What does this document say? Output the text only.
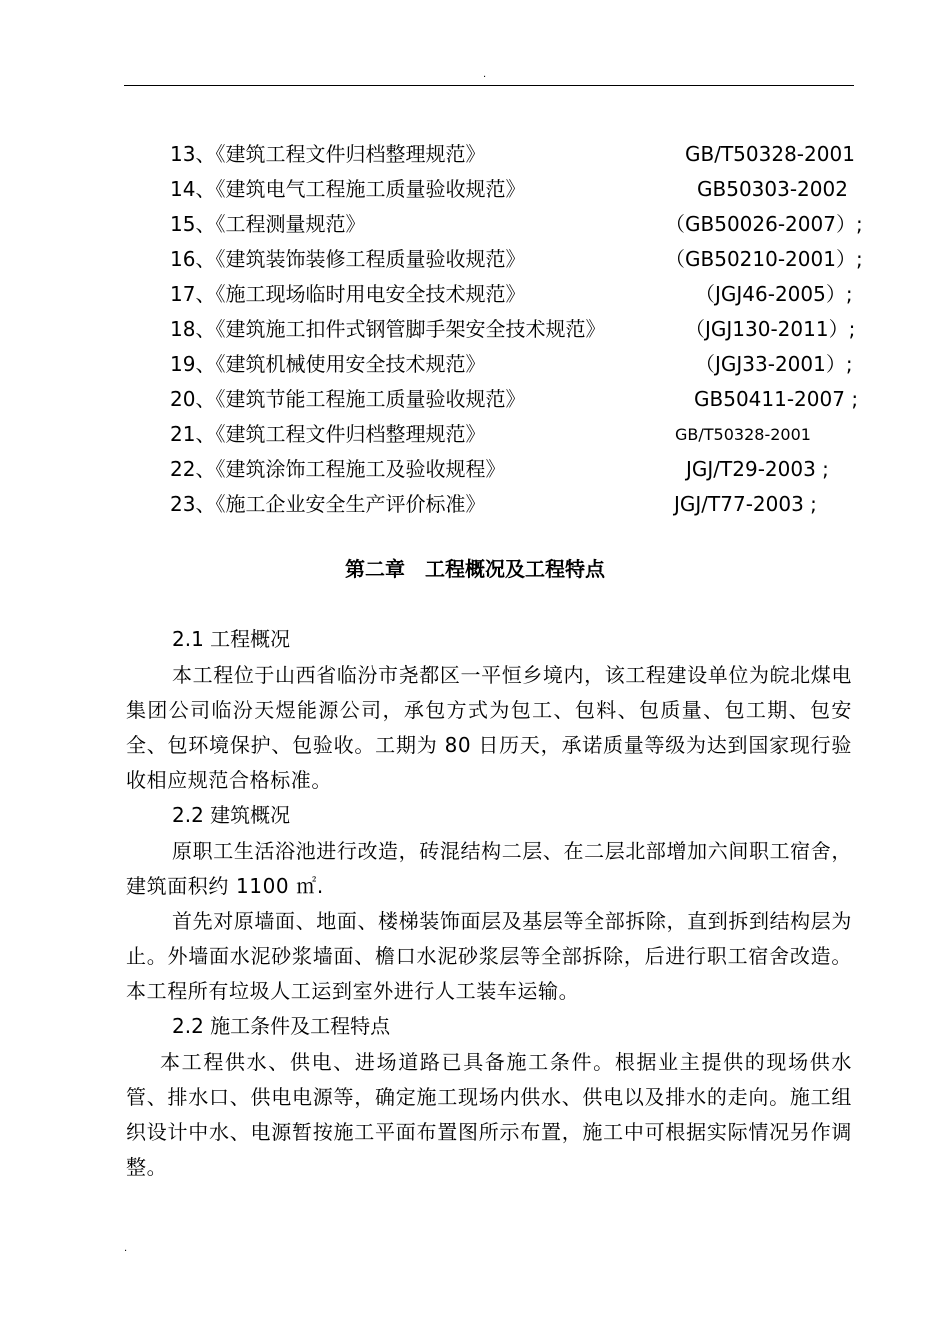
.
13、《建筑工程文件归档整理规范》	GB/T50328-2001
14、《建筑电气工程施工质量验收规范》	GB50303-2002
15、《工程测量规范》	（GB50026-2007）;
16、《建筑装饰装修工程质量验收规范》	（GB50210-2001）;
17、《施工现场临时用电安全技术规范》	（JGJ46-2005）;
18、《建筑施工扣件式钢管脚手架安全技术规范》	（JGJ130-2011）;
19、《建筑机械使用安全技术规范》	（JGJ33-2001）;
20、《建筑节能工程施工质量验收规范》	GB50411-2007 ;
21、《建筑工程文件归档整理规范》	GB/T50328-2001
22、《建筑涂饰工程施工及验收规程》	JGJ/T29-2003 ;
23、《施工企业安全生产评价标准》	JGJ/T77-2003 ;
第二章　工程概况及工程特点
2.1 工程概况
本工程位于山西省临汾市尧都区一平恒乡境内，该工程建设单位为皖北煤电集团公司临汾天煜能源公司，承包方式为包工、包料、包质量、包工期、包安全、包环境保护、包验收。工期为 80 日历天，承诺质量等级为达到国家现行验收相应规范合格标准。
2.2 建筑概况
原职工生活浴池进行改造，砖混结构二层、在二层北部增加六间职工宿舍，建筑面积约 1100 ㎡.
首先对原墙面、地面、楼梯装饰面层及基层等全部拆除，直到拆到结构层为止。外墙面水泥砂浆墙面、檐口水泥砂浆层等全部拆除，后进行职工宿舍改造。本工程所有垃圾人工运到室外进行人工装车运输。
2.2 施工条件及工程特点
本工程供水、供电、进场道路已具备施工条件。根据业主提供的现场供水管、排水口、供电电源等，确定施工现场内供水、供电以及排水的走向。施工组织设计中水、电源暂按施工平面布置图所示布置，施工中可根据实际情况另作调整。
.
